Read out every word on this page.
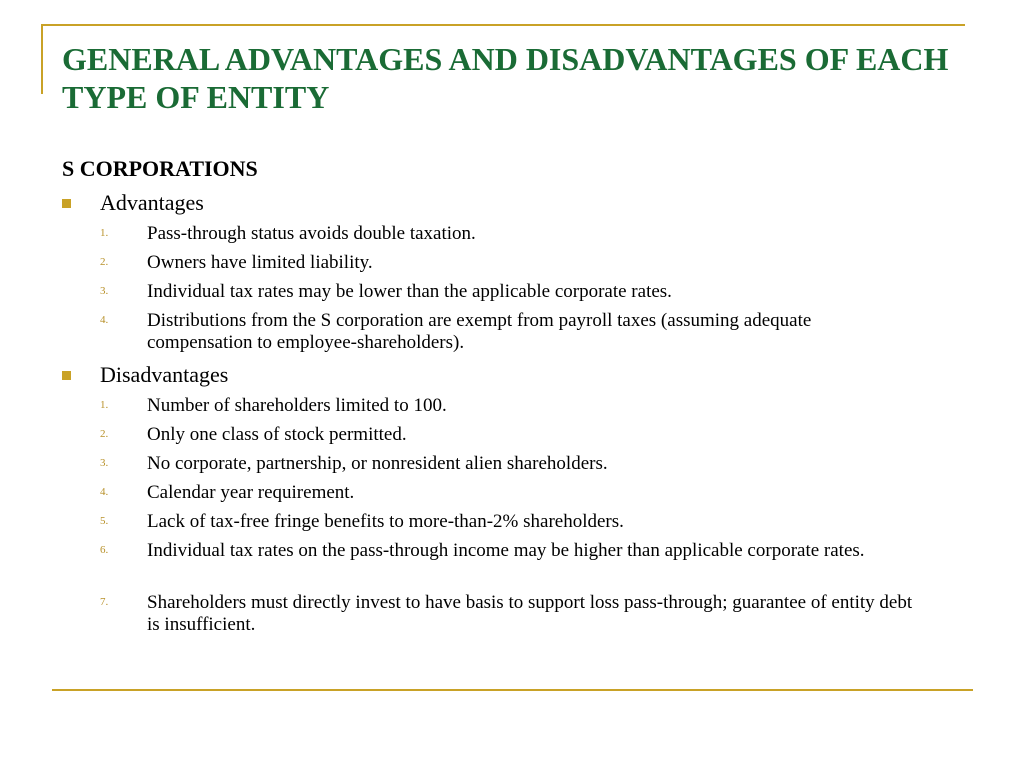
GENERAL ADVANTAGES AND DISADVANTAGES OF EACH TYPE OF ENTITY
S CORPORATIONS
Advantages
1. Pass-through status avoids double taxation.
2. Owners have limited liability.
3. Individual tax rates may be lower than the applicable corporate rates.
4. Distributions from the S corporation are exempt from payroll taxes (assuming adequate compensation to employee-shareholders).
Disadvantages
1. Number of shareholders limited to 100.
2. Only one class of stock permitted.
3. No corporate, partnership, or nonresident alien shareholders.
4. Calendar year requirement.
5. Lack of tax-free fringe benefits to more-than-2% shareholders.
6. Individual tax rates on the pass-through income may be higher than applicable corporate rates.
7. Shareholders must directly invest to have basis to support loss pass-through; guarantee of entity debt is insufficient.
